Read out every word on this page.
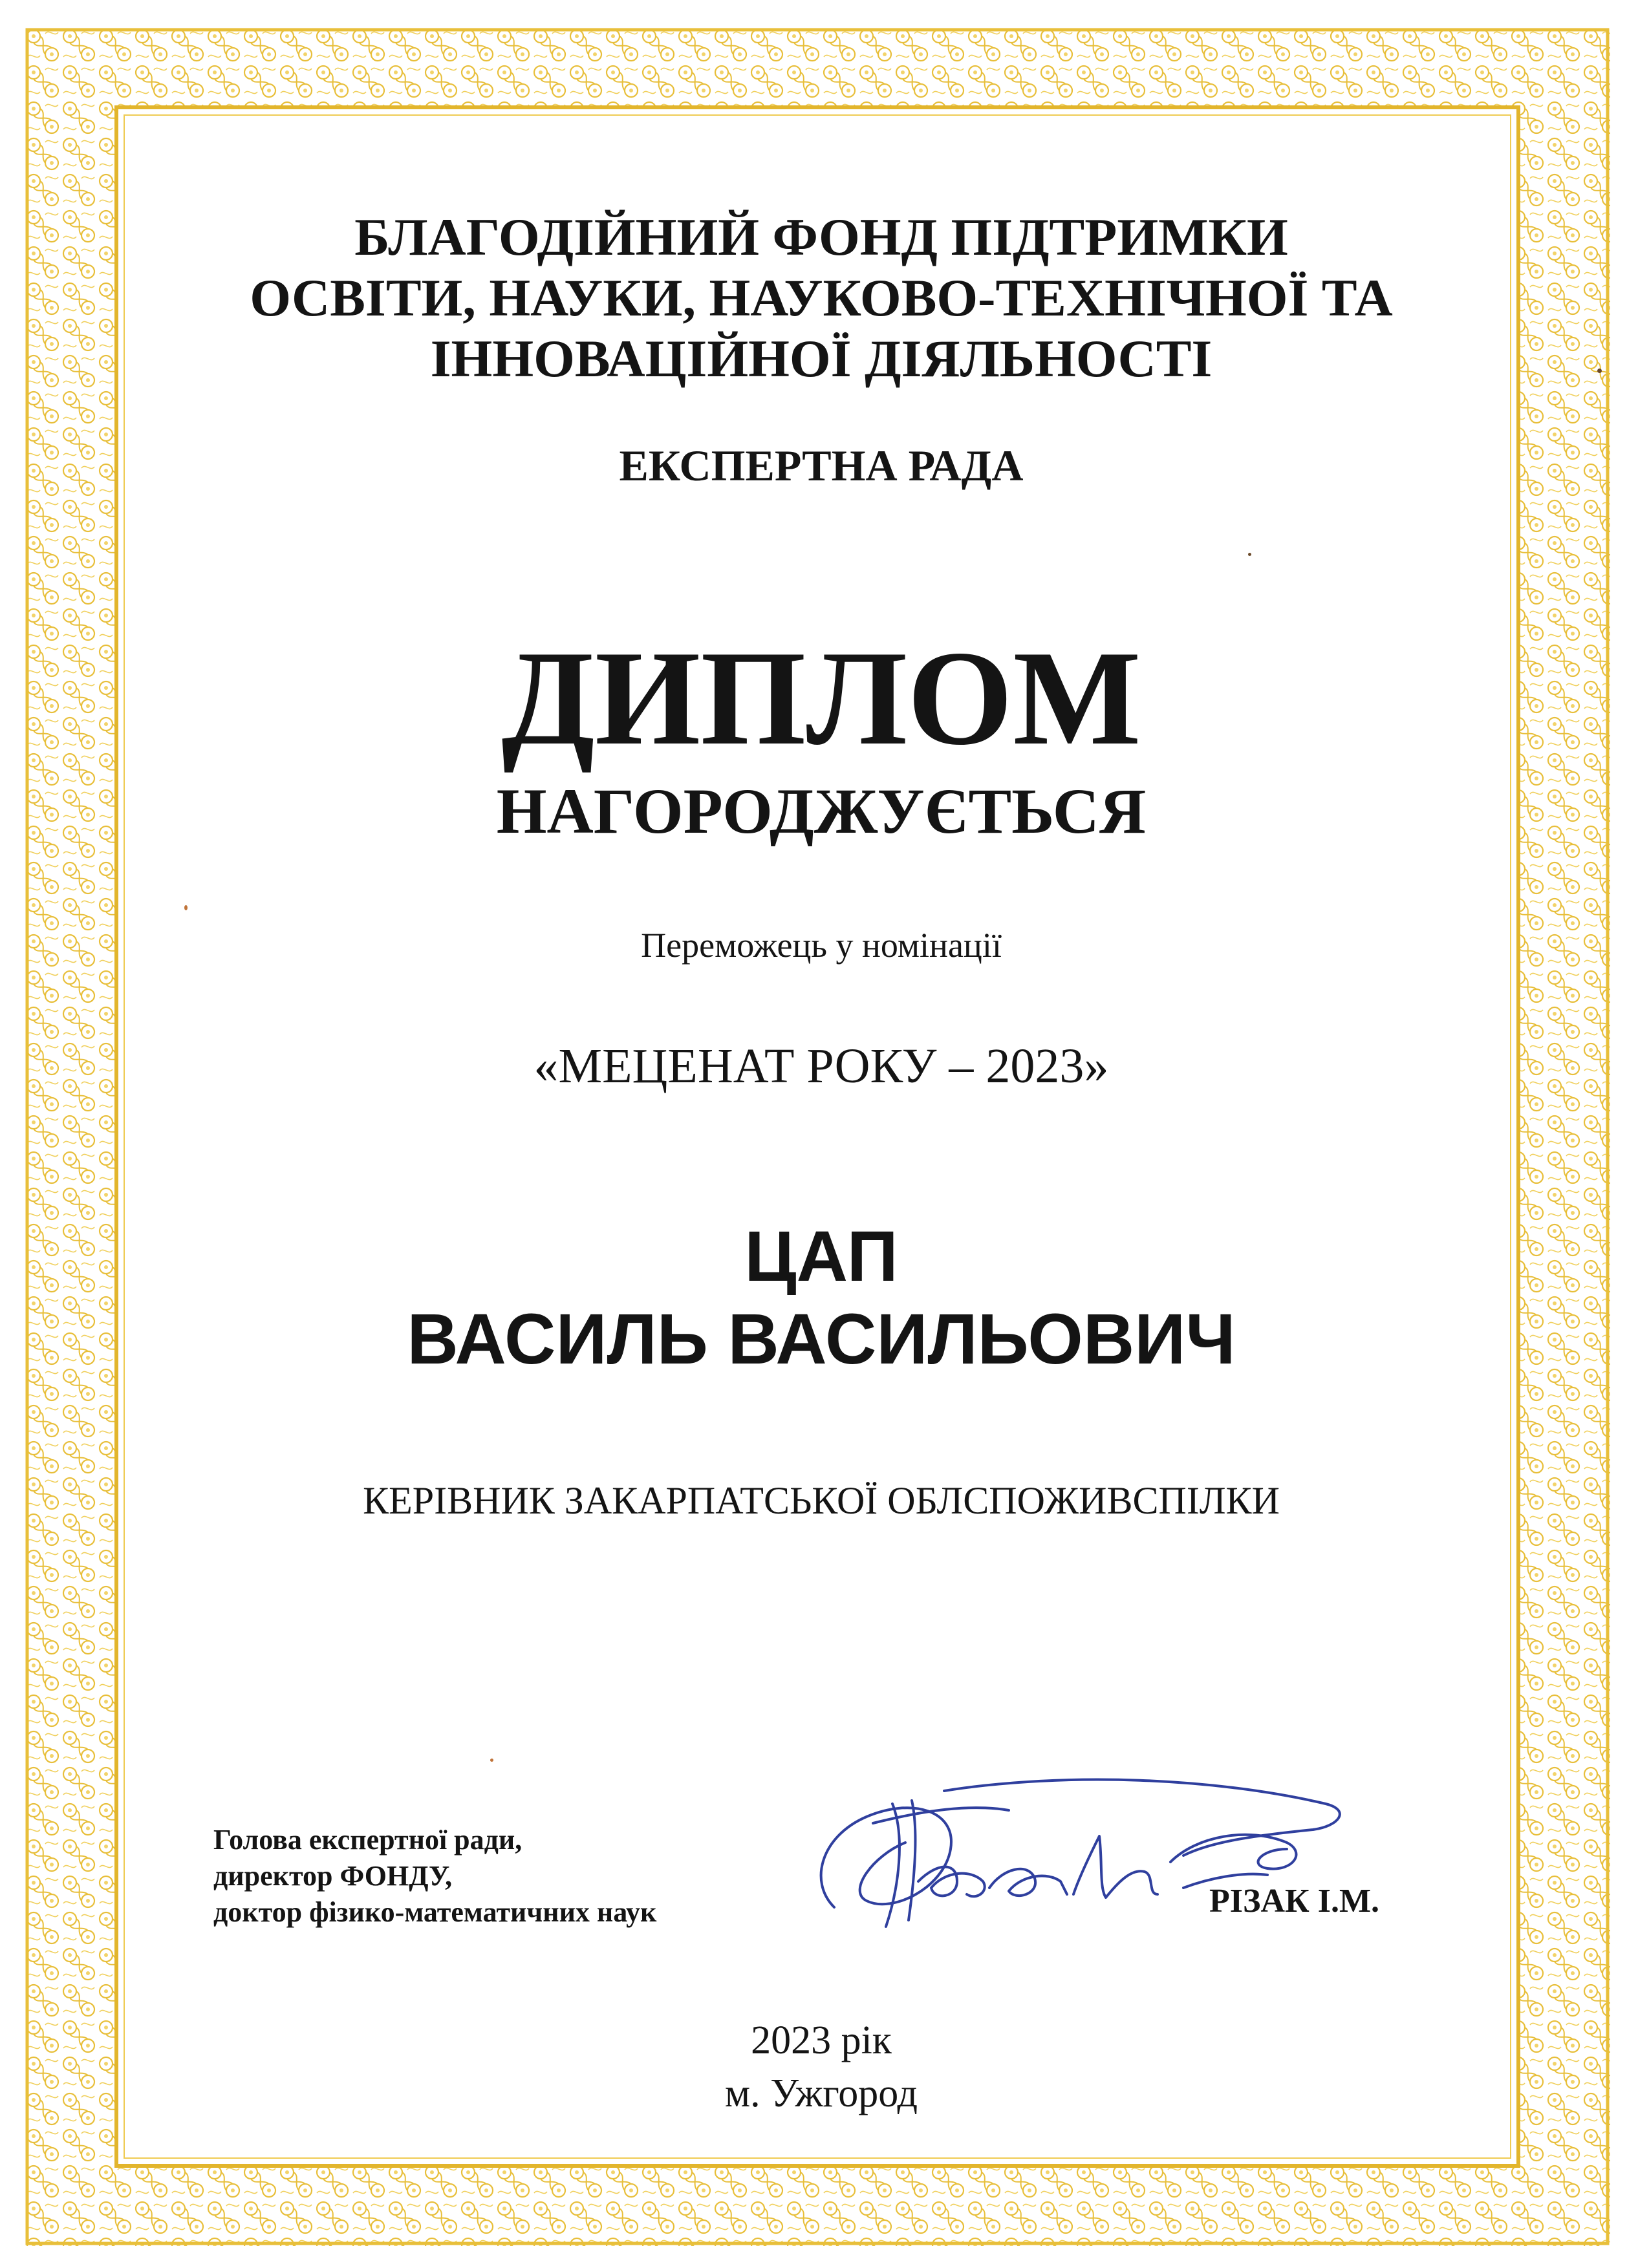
БЛАГОДІЙНИЙ ФОНД ПІДТРИМКИ
ОСВІТИ, НАУКИ, НАУКОВО-ТЕХНІЧНОЇ ТА
ІННОВАЦІЙНОЇ ДІЯЛЬНОСТІ
ЕКСПЕРТНА РАДА
ДИПЛОМ
НАГОРОДЖУЄТЬСЯ
Переможець у номінації
«МЕЦЕНАТ РОКУ – 2023»
ЦАП
ВАСИЛЬ ВАСИЛЬОВИЧ
КЕРІВНИК ЗАКАРПАТСЬКОЇ ОБЛСПОЖИВСПІЛКИ
Голова експертної ради,
директор ФОНДУ,
доктор фізико-математичних наук	РІЗАК І.М.
2023 рік
м. Ужгород
